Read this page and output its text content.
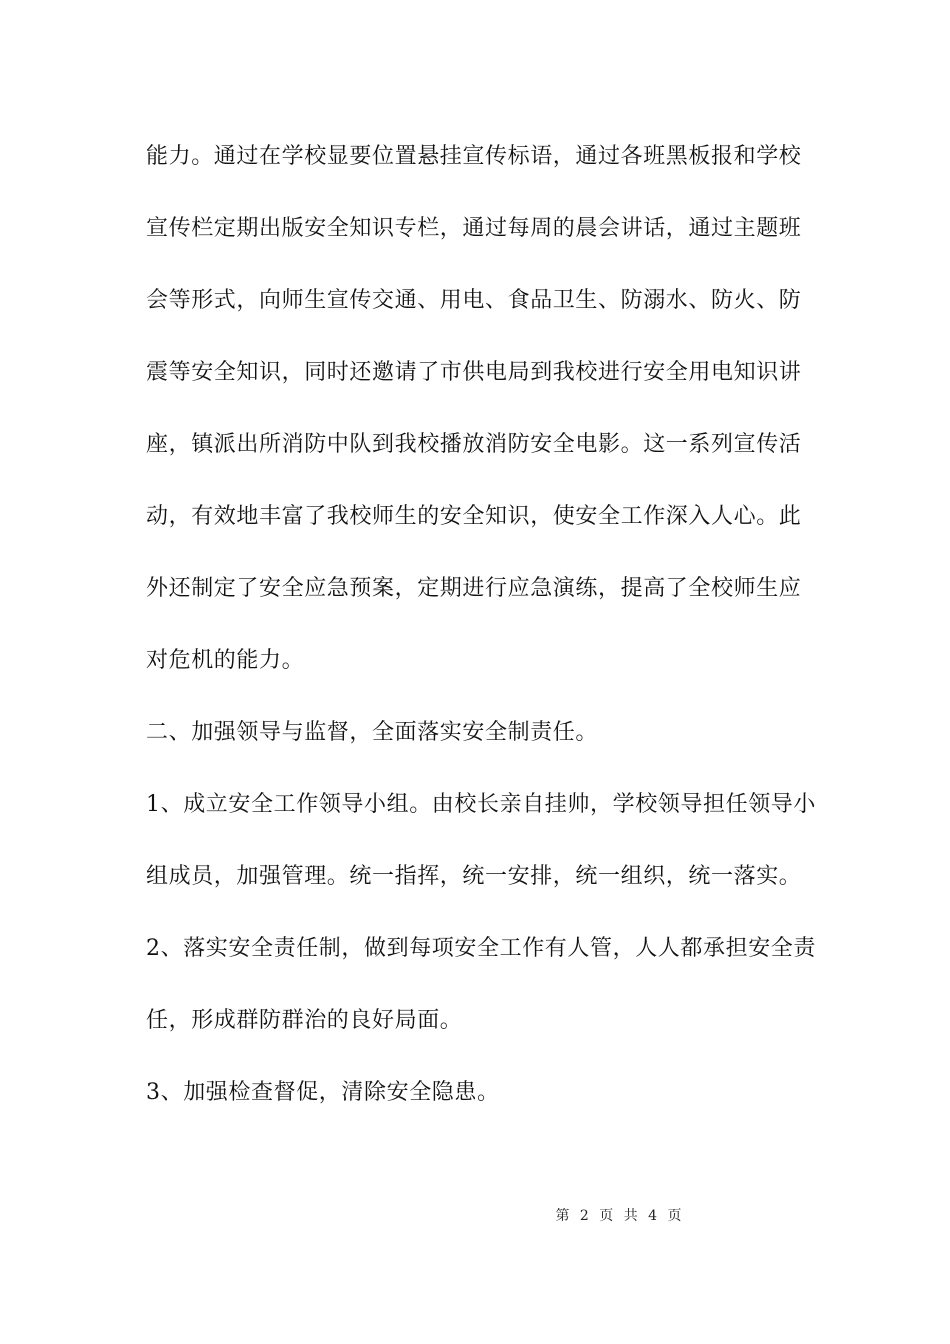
能力。通过在学校显要位置悬挂宣传标语，通过各班黑板报和学校
宣传栏定期出版安全知识专栏，通过每周的晨会讲话，通过主题班
会等形式，向师生宣传交通、用电、食品卫生、防溺水、防火、防
震等安全知识，同时还邀请了市供电局到我校进行安全用电知识讲
座，镇派出所消防中队到我校播放消防安全电影。这一系列宣传活
动，有效地丰富了我校师生的安全知识，使安全工作深入人心。此
外还制定了安全应急预案，定期进行应急演练，提高了全校师生应
对危机的能力。
二、加强领导与监督，全面落实安全制责任。
1、成立安全工作领导小组。由校长亲自挂帅，学校领导担任领导小
组成员，加强管理。统一指挥，统一安排，统一组织，统一落实。
2、落实安全责任制，做到每项安全工作有人管，人人都承担安全责
任，形成群防群治的良好局面。
3、加强检查督促，清除安全隐患。
第 2 页 共 4 页
